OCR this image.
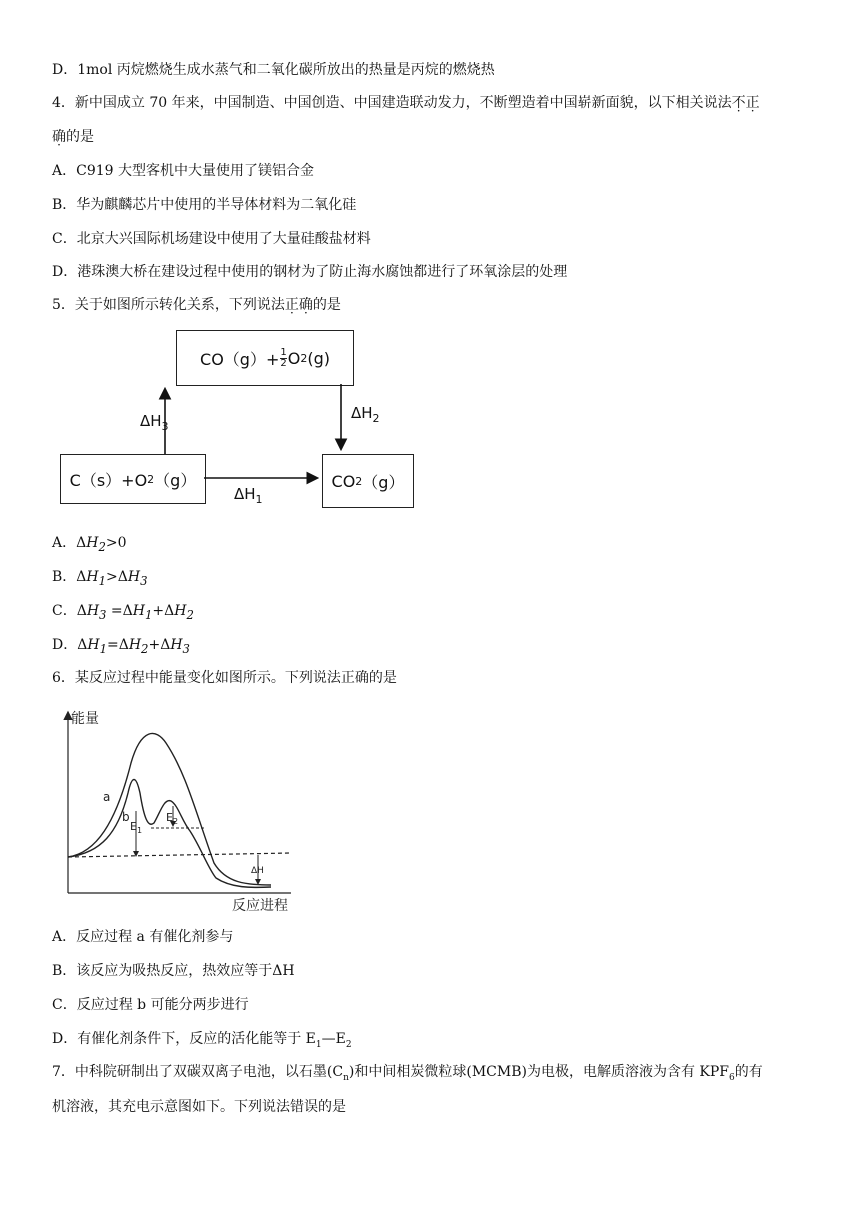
D．1mol 丙烷燃烧生成水蒸气和二氧化碳所放出的热量是丙烷的燃烧热
4．新中国成立 70 年来，中国制造、中国创造、中国建造联动发力，不断塑造着中国崭新面貌，以下相关说法不正
确的是
A．C919 大型客机中大量使用了镁铝合金
B．华为麒麟芯片中使用的半导体材料为二氧化硅
C．北京大兴国际机场建设中使用了大量硅酸盐材料
D．港珠澳大桥在建设过程中使用的钢材为了防止海水腐蚀都进行了环氧涂层的处理
5．关于如图所示转化关系，下列说法正确的是
$CO(g)+ \frac{1}{2}$ O 2 (g)
C（s）+O 2 （g）	CO 2 （g）
$\Delta H_3$
$\Delta H_2$
$\Delta H_1$
A．$\Delta H_2>0$
B．$\Delta H_1>\Delta H_3$
C．$\Delta H_3 =\Delta H_1+\Delta H_2$
D．$\Delta H_1=\Delta H_2+\Delta H_3$
6．某反应过程中能量变化如图所示。下列说法正确的是
能量
反应进程
a
b
$E_1$
$E_2$
ΔH
A．反应过程 a 有催化剂参与
B．该反应为吸热反应，热效应等于ΔH
C．反应过程 b 可能分两步进行
D．有催化剂条件下，反应的活化能等于 $E_1—E_2$
7．中科院研制出了双碳双离子电池，以石墨$(C_n)$和中间相炭微粒球(MCMB)为电极，电解质溶液为含有 $KPF_6$的有
机溶液，其充电示意图如下。下列说法错误的是
